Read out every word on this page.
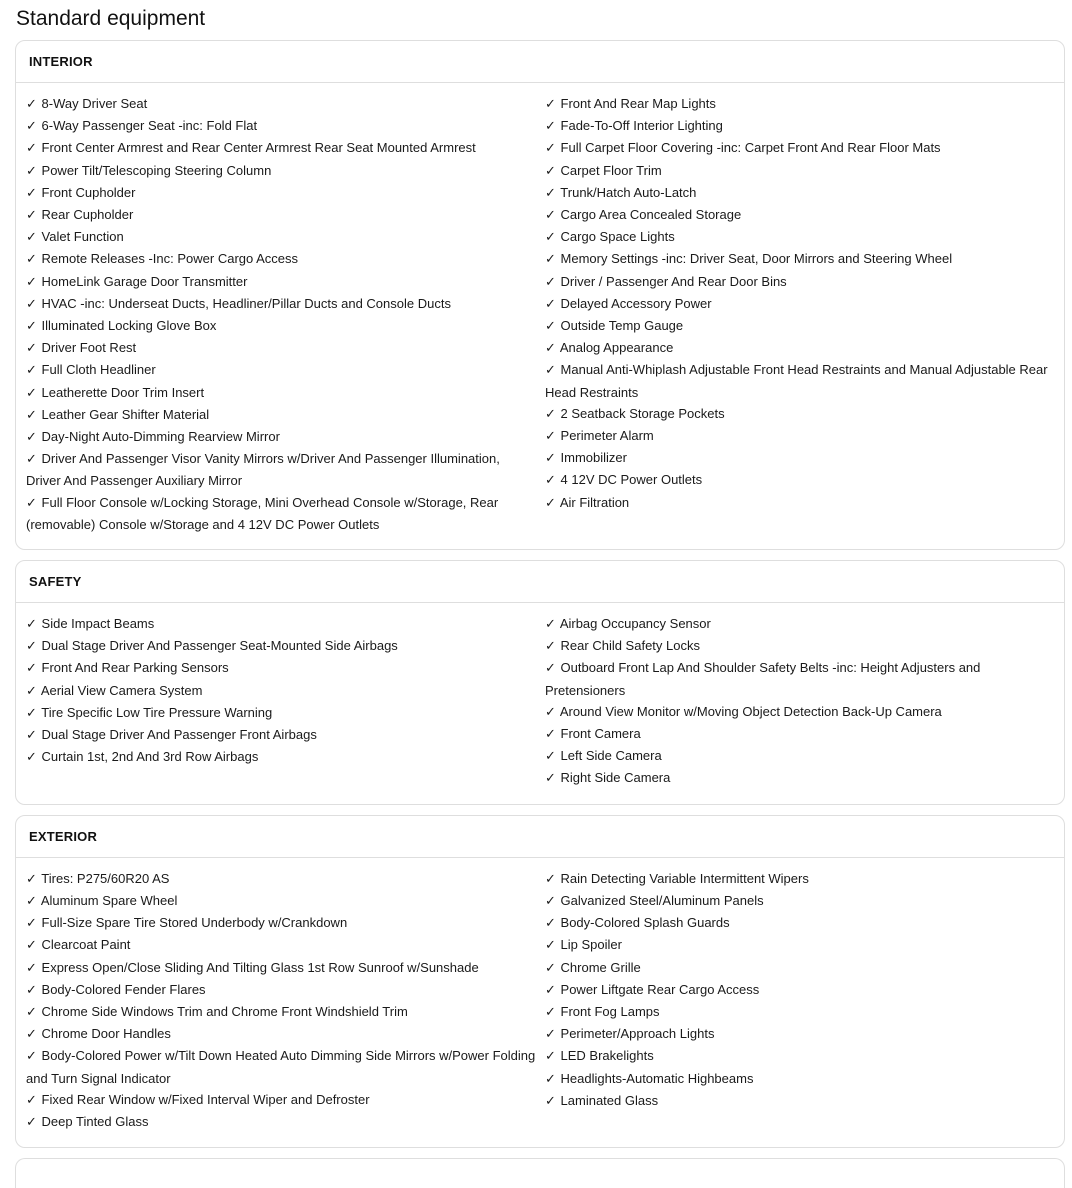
Standard equipment
INTERIOR
✓ 8-Way Driver Seat
✓ 6-Way Passenger Seat -inc: Fold Flat
✓ Front Center Armrest and Rear Center Armrest Rear Seat Mounted Armrest
✓ Power Tilt/Telescoping Steering Column
✓ Front Cupholder
✓ Rear Cupholder
✓ Valet Function
✓ Remote Releases -Inc: Power Cargo Access
✓ HomeLink Garage Door Transmitter
✓ HVAC -inc: Underseat Ducts, Headliner/Pillar Ducts and Console Ducts
✓ Illuminated Locking Glove Box
✓ Driver Foot Rest
✓ Full Cloth Headliner
✓ Leatherette Door Trim Insert
✓ Leather Gear Shifter Material
✓ Day-Night Auto-Dimming Rearview Mirror
✓ Driver And Passenger Visor Vanity Mirrors w/Driver And Passenger Illumination, Driver And Passenger Auxiliary Mirror
✓ Full Floor Console w/Locking Storage, Mini Overhead Console w/Storage, Rear (removable) Console w/Storage and 4 12V DC Power Outlets
✓ Front And Rear Map Lights
✓ Fade-To-Off Interior Lighting
✓ Full Carpet Floor Covering -inc: Carpet Front And Rear Floor Mats
✓ Carpet Floor Trim
✓ Trunk/Hatch Auto-Latch
✓ Cargo Area Concealed Storage
✓ Cargo Space Lights
✓ Memory Settings -inc: Driver Seat, Door Mirrors and Steering Wheel
✓ Driver / Passenger And Rear Door Bins
✓ Delayed Accessory Power
✓ Outside Temp Gauge
✓ Analog Appearance
✓ Manual Anti-Whiplash Adjustable Front Head Restraints and Manual Adjustable Rear Head Restraints
✓ 2 Seatback Storage Pockets
✓ Perimeter Alarm
✓ Immobilizer
✓ 4 12V DC Power Outlets
✓ Air Filtration
SAFETY
✓ Side Impact Beams
✓ Dual Stage Driver And Passenger Seat-Mounted Side Airbags
✓ Front And Rear Parking Sensors
✓ Aerial View Camera System
✓ Tire Specific Low Tire Pressure Warning
✓ Dual Stage Driver And Passenger Front Airbags
✓ Curtain 1st, 2nd And 3rd Row Airbags
✓ Airbag Occupancy Sensor
✓ Rear Child Safety Locks
✓ Outboard Front Lap And Shoulder Safety Belts -inc: Height Adjusters and Pretensioners
✓ Around View Monitor w/Moving Object Detection Back-Up Camera
✓ Front Camera
✓ Left Side Camera
✓ Right Side Camera
EXTERIOR
✓ Tires: P275/60R20 AS
✓ Aluminum Spare Wheel
✓ Full-Size Spare Tire Stored Underbody w/Crankdown
✓ Clearcoat Paint
✓ Express Open/Close Sliding And Tilting Glass 1st Row Sunroof w/Sunshade
✓ Body-Colored Fender Flares
✓ Chrome Side Windows Trim and Chrome Front Windshield Trim
✓ Chrome Door Handles
✓ Body-Colored Power w/Tilt Down Heated Auto Dimming Side Mirrors w/Power Folding and Turn Signal Indicator
✓ Fixed Rear Window w/Fixed Interval Wiper and Defroster
✓ Deep Tinted Glass
✓ Rain Detecting Variable Intermittent Wipers
✓ Galvanized Steel/Aluminum Panels
✓ Body-Colored Splash Guards
✓ Lip Spoiler
✓ Chrome Grille
✓ Power Liftgate Rear Cargo Access
✓ Front Fog Lamps
✓ Perimeter/Approach Lights
✓ LED Brakelights
✓ Headlights-Automatic Highbeams
✓ Laminated Glass
